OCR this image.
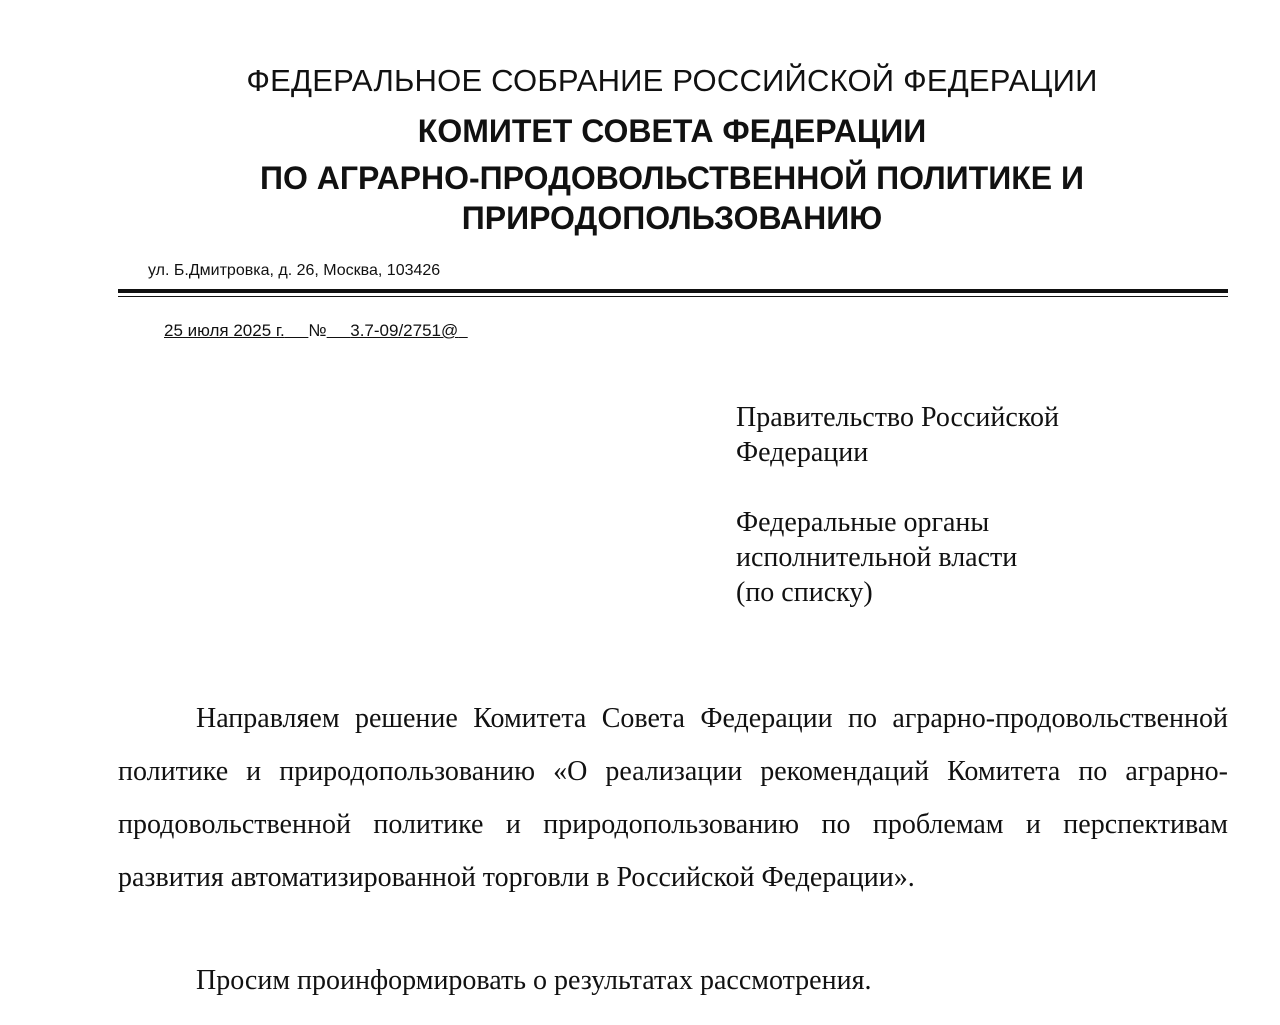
ФЕДЕРАЛЬНОЕ СОБРАНИЕ РОССИЙСКОЙ ФЕДЕРАЦИИ
КОМИТЕТ СОВЕТА ФЕДЕРАЦИИ
ПО АГРАРНО-ПРОДОВОЛЬСТВЕННОЙ ПОЛИТИКЕ И
ПРИРОДОПОЛЬЗОВАНИЮ
ул. Б.Дмитровка, д. 26, Москва, 103426
25 июля 2025 г. № 3.7-09/2751@
Правительство Российской
Федерации
Федеральные органы
исполнительной власти
(по списку)

Направляем решение Комитета Совета Федерации по аграрно-продовольственной политике и природопользованию «О реализации рекомендаций Комитета по аграрно-продовольственной политике и природопользованию по проблемам и перспективам развития автоматизированной торговли в Российской Федерации».

Просим проинформировать о результатах рассмотрения.
